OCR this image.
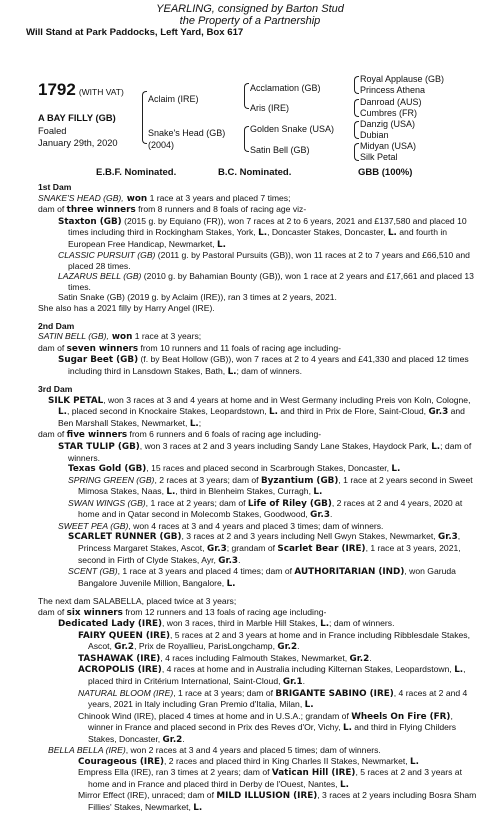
YEARLING, consigned by Barton Stud
the Property of a Partnership
Will Stand at Park Paddocks, Left Yard, Box 617
1792 (WITH VAT)
A BAY FILLY (GB)
Foaled
January 29th, 2020
Aclaim (IRE)
Snake's Head (GB)
(2004)
Acclamation (GB)
Aris (IRE)
Golden Snake (USA)
Satin Bell (GB)
Royal Applause (GB)
Princess Athena
Danroad (AUS)
Cumbres (FR)
Danzig (USA)
Dubian
Midyan (USA)
Silk Petal
E.B.F. Nominated.	B.C. Nominated.	GBB (100%)

1st Dam

SNAKE'S HEAD (GB), won 1 race at 3 years and placed 7 times;

dam of three winners from 8 runners and 8 foals of racing age viz-

Staxton (GB) (2015 g. by Equiano (FR)), won 7 races at 2 to 6 years, 2021 and £137,580 and placed 10 times including third in Rockingham Stakes, York, L., Doncaster Stakes, Doncaster, L. and fourth in European Free Handicap, Newmarket, L.

CLASSIC PURSUIT (GB) (2011 g. by Pastoral Pursuits (GB)), won 11 races at 2 to 7 years and £66,510 and placed 28 times.

LAZARUS BELL (GB) (2010 g. by Bahamian Bounty (GB)), won 1 race at 2 years and £17,661 and placed 13 times.

Satin Snake (GB) (2019 g. by Aclaim (IRE)), ran 3 times at 2 years, 2021.

She also has a 2021 filly by Harry Angel (IRE).

2nd Dam

SATIN BELL (GB), won 1 race at 3 years;

dam of seven winners from 10 runners and 11 foals of racing age including-

Sugar Beet (GB) (f. by Beat Hollow (GB)), won 7 races at 2 to 4 years and £41,330 and placed 12 times including third in Lansdown Stakes, Bath, L.; dam of winners.

3rd Dam

SILK PETAL, won 3 races at 3 and 4 years at home and in West Germany including Preis von Koln, Cologne, L., placed second in Knockaire Stakes, Leopardstown, L. and third in Prix de Flore, Saint-Cloud, Gr.3 and Ben Marshall Stakes, Newmarket, L.;

dam of five winners from 6 runners and 6 foals of racing age including-

STAR TULIP (GB), won 3 races at 2 and 3 years including Sandy Lane Stakes, Haydock Park, L.; dam of winners.

Texas Gold (GB), 15 races and placed second in Scarbrough Stakes, Doncaster, L.

SPRING GREEN (GB), 2 races at 3 years; dam of Byzantium (GB), 1 race at 2 years second in Sweet Mimosa Stakes, Naas, L., third in Blenheim Stakes, Curragh, L.

SWAN WINGS (GB), 1 race at 2 years; dam of Life of Riley (GB), 2 races at 2 and 4 years, 2020 at home and in Qatar second in Molecomb Stakes, Goodwood, Gr.3.

SWEET PEA (GB), won 4 races at 3 and 4 years and placed 3 times; dam of winners.

SCARLET RUNNER (GB), 3 races at 2 and 3 years including Nell Gwyn Stakes, Newmarket, Gr.3, Princess Margaret Stakes, Ascot, Gr.3; grandam of Scarlet Bear (IRE), 1 race at 3 years, 2021, second in Firth of Clyde Stakes, Ayr, Gr.3.

SCENT (GB), 1 race at 3 years and placed 4 times; dam of AUTHORITARIAN (IND), won Garuda Bangalore Juvenile Million, Bangalore, L.

The next dam SALABELLA, placed twice at 3 years;

dam of six winners from 12 runners and 13 foals of racing age including-

Dedicated Lady (IRE), won 3 races, third in Marble Hill Stakes, L.; dam of winners.

FAIRY QUEEN (IRE), 5 races at 2 and 3 years at home and in France including Ribblesdale Stakes, Ascot, Gr.2, Prix de Royallieu, ParisLongchamp, Gr.2.

TASHAWAK (IRE), 4 races including Falmouth Stakes, Newmarket, Gr.2.

ACROPOLIS (IRE), 4 races at home and in Australia including Kilternan Stakes, Leopardstown, L., placed third in Critérium International, Saint-Cloud, Gr.1.

NATURAL BLOOM (IRE), 1 race at 3 years; dam of BRIGANTE SABINO (IRE), 4 races at 2 and 4 years, 2021 in Italy including Gran Premio d'Italia, Milan, L.

Chinook Wind (IRE), placed 4 times at home and in U.S.A.; grandam of Wheels On Fire (FR), winner in France and placed second in Prix des Reves d'Or, Vichy, L. and third in Flying Childers Stakes, Doncaster, Gr.2.

BELLA BELLA (IRE), won 2 races at 3 and 4 years and placed 5 times; dam of winners.

Courageous (IRE), 2 races and placed third in King Charles II Stakes, Newmarket, L.

Empress Ella (IRE), ran 3 times at 2 years; dam of Vatican Hill (IRE), 5 races at 2 and 3 years at home and in France and placed third in Derby de l'Ouest, Nantes, L.

Mirror Effect (IRE), unraced; dam of MILD ILLUSION (IRE), 3 races at 2 years including Bosra Sham Fillies' Stakes, Newmarket, L.
